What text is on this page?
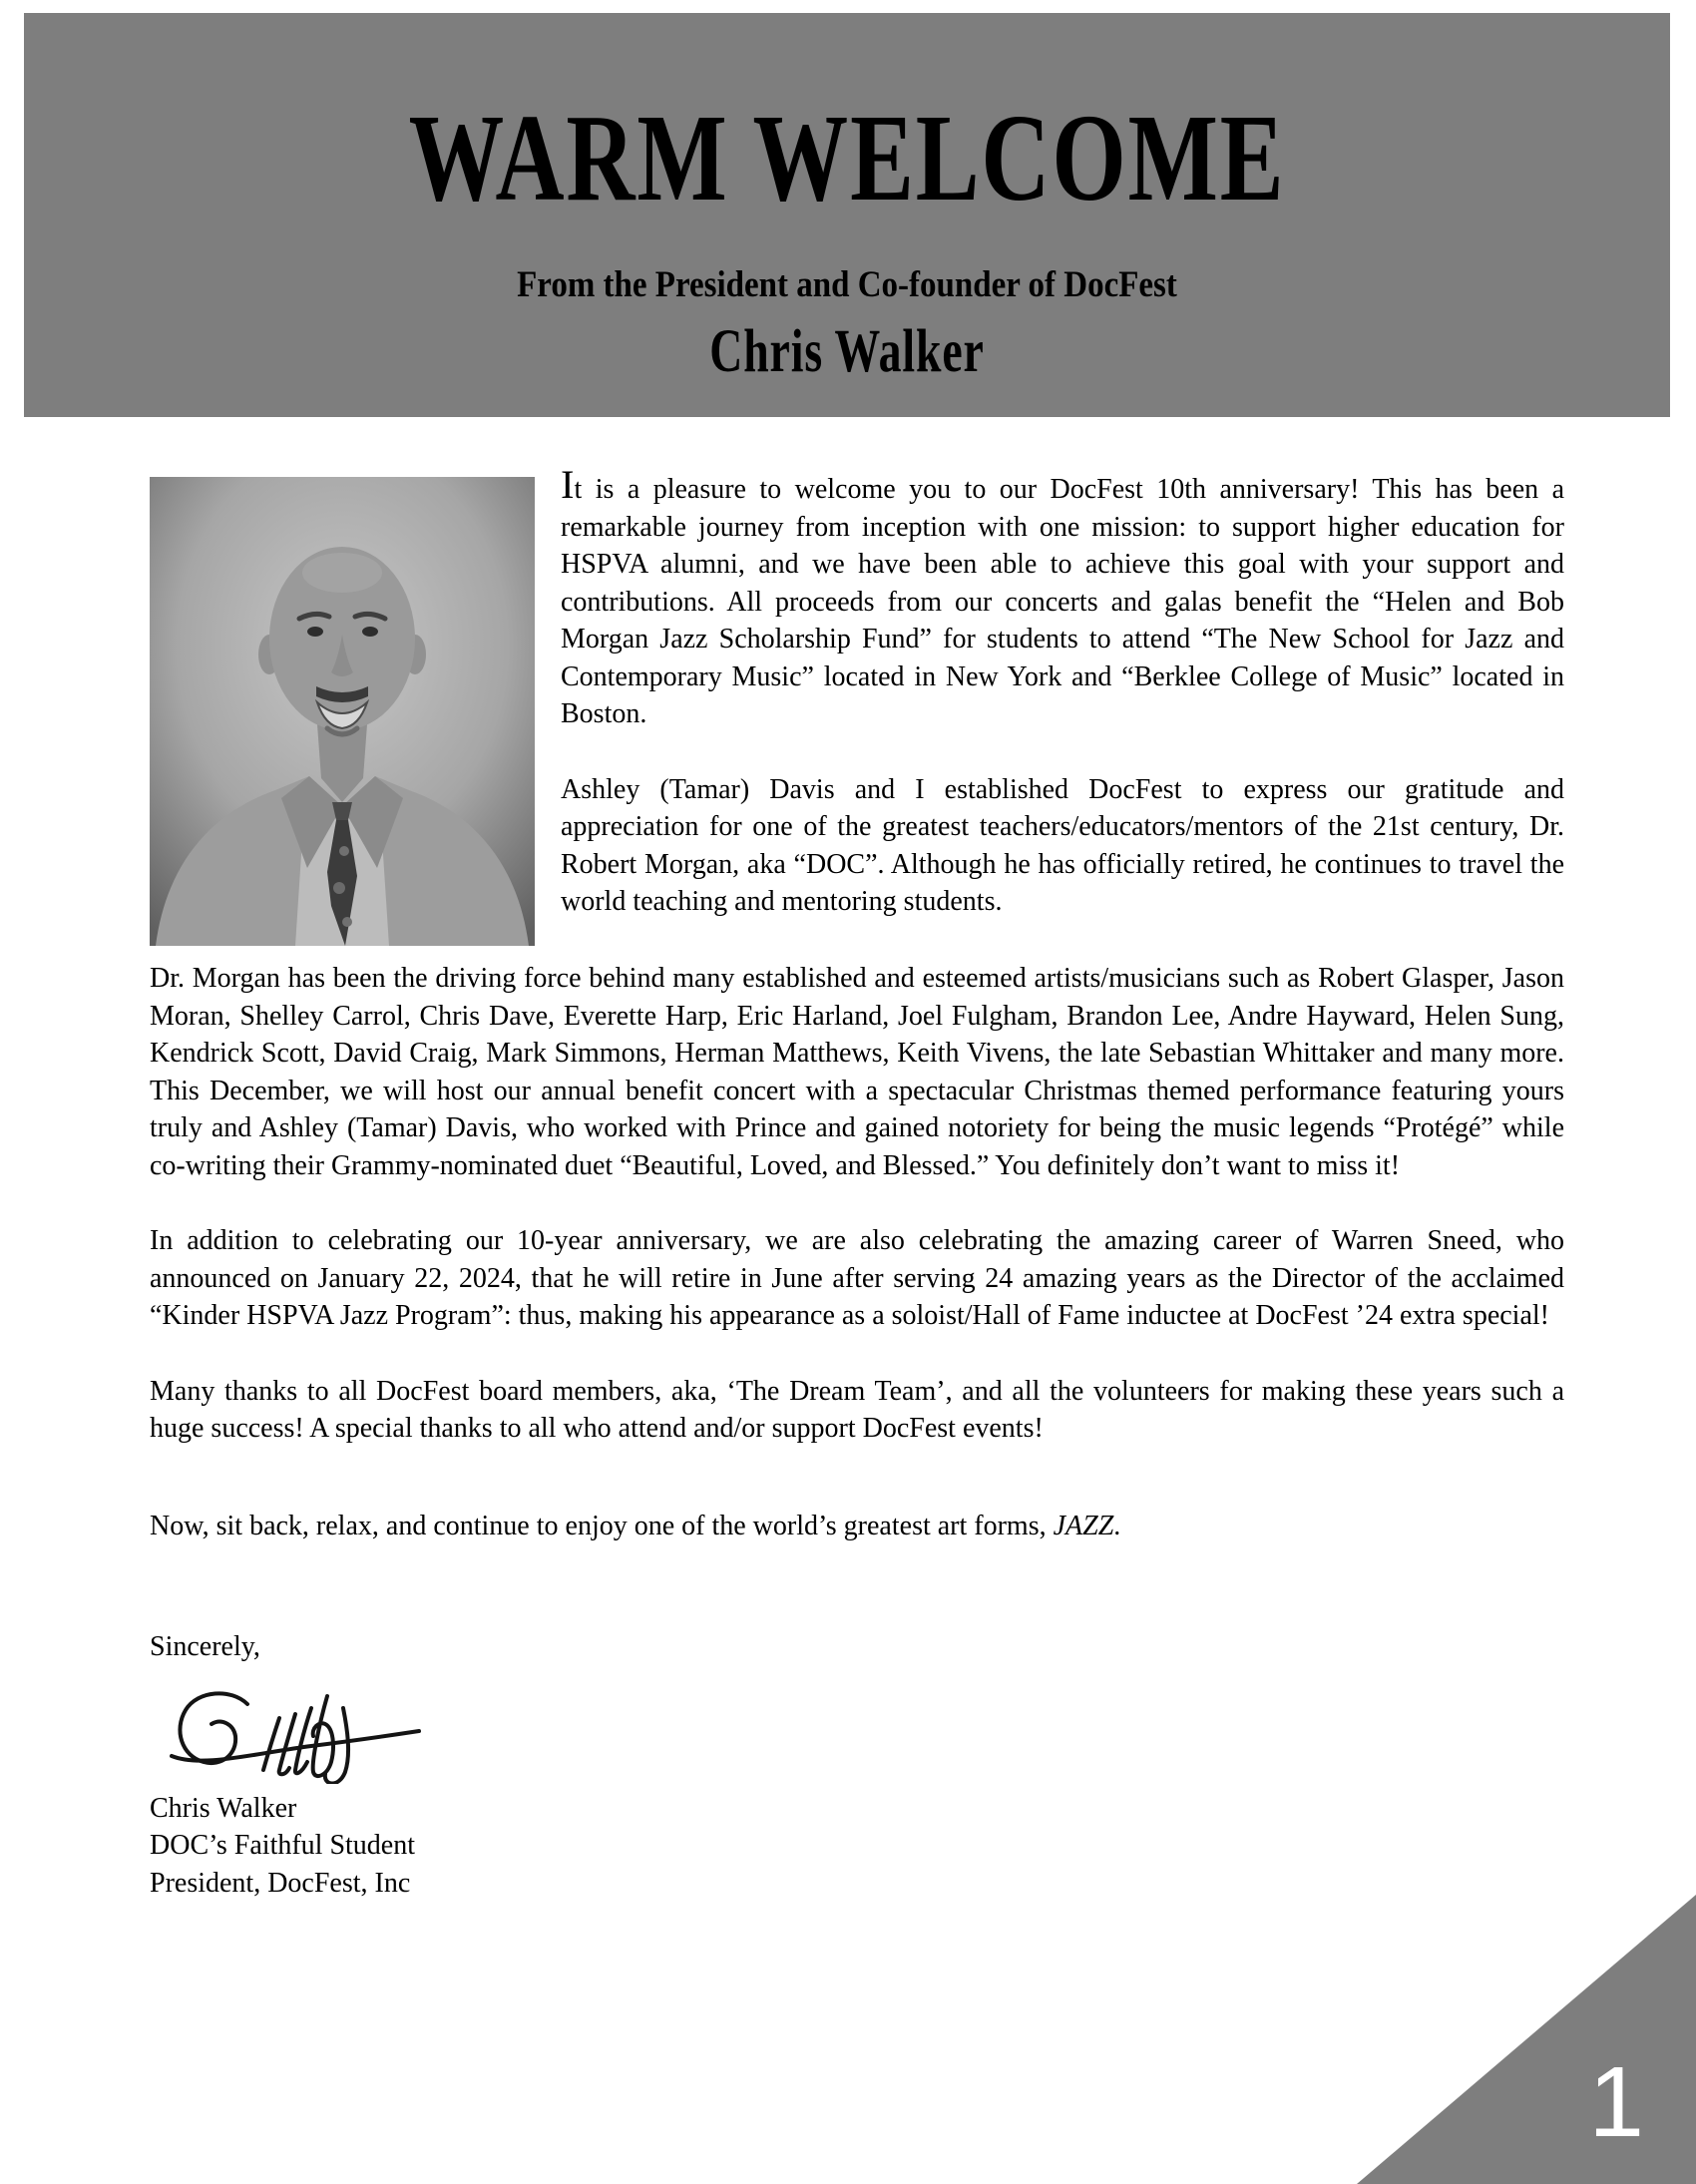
WARM WELCOME
From the President and Co-founder of DocFest
Chris Walker

It is a pleasure to welcome you to our DocFest 10th anniversary! This has been a remarkable journey from inception with one mission: to support higher education for HSPVA alumni, and we have been able to achieve this goal with your support and contributions. All proceeds from our concerts and galas benefit the “Helen and Bob Morgan Jazz Scholarship Fund” for students to attend “The New School for Jazz and Contemporary Music” located in New York and “Berklee College of Music” located in Boston.

Ashley (Tamar) Davis and I established DocFest to express our gratitude and appreciation for one of the greatest teachers/educators/mentors of the 21st century, Dr. Robert Morgan, aka “DOC”. Although he has officially retired, he continues to travel the world teaching and mentoring students.

Dr. Morgan has been the driving force behind many established and esteemed artists/musicians such as Robert Glasper, Jason Moran, Shelley Carrol, Chris Dave, Everette Harp, Eric Harland, Joel Fulgham, Brandon Lee, Andre Hayward, Helen Sung, Kendrick Scott, David Craig, Mark Simmons, Herman Matthews, Keith Vivens, the late Sebastian Whittaker and many more. This December, we will host our annual benefit concert with a spectacular Christmas themed performance featuring yours truly and Ashley (Tamar) Davis, who worked with Prince and gained notoriety for being the music legends “Protégé” while co-writing their Grammy-nominated duet “Beautiful, Loved, and Blessed.” You definitely don’t want to miss it!

In addition to celebrating our 10-year anniversary, we are also celebrating the amazing career of Warren Sneed, who announced on January 22, 2024, that he will retire in June after serving 24 amazing years as the Director of the acclaimed “Kinder HSPVA Jazz Program”: thus, making his appearance as a soloist/Hall of Fame inductee at DocFest ’24 extra special!

Many thanks to all DocFest board members, aka, ‘The Dream Team’, and all the volunteers for making these years such a huge success! A special thanks to all who attend and/or support DocFest events!

Now, sit back, relax, and continue to enjoy one of the world’s greatest art forms, JAZZ.

Sincerely,

Chris Walker

DOC’s Faithful Student

President, DocFest, Inc

1
